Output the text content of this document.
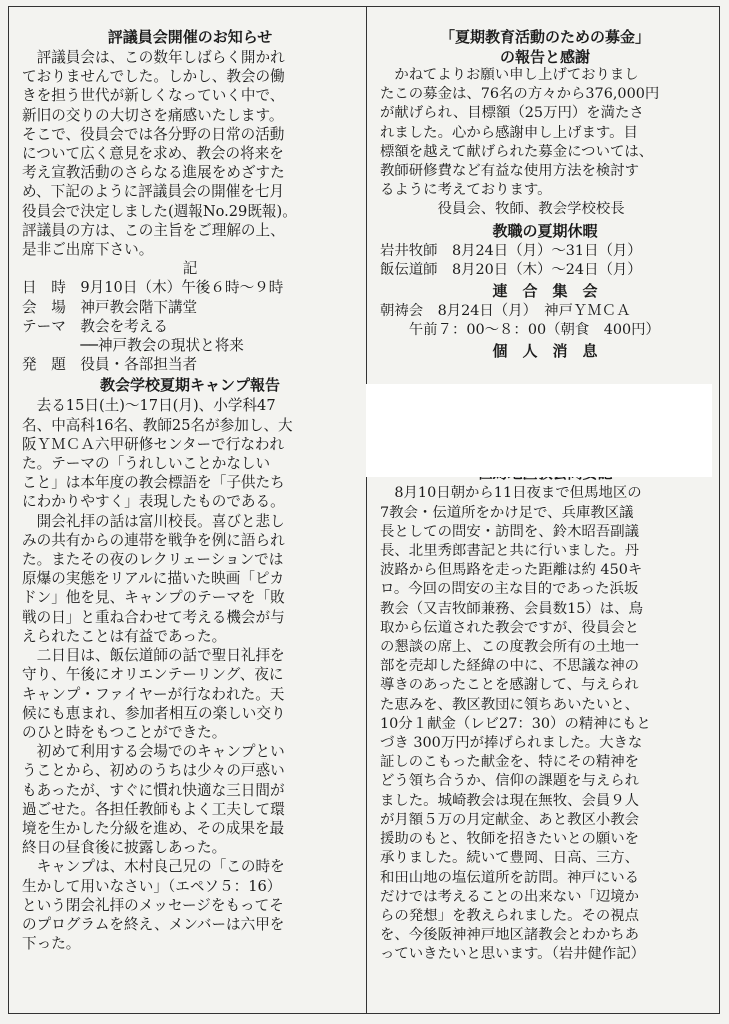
評議員会開催のお知らせ
　評議員会は、この数年しばらく開かれ
ておりませんでした。しかし、教会の働
きを担う世代が新しくなっていく中で、
新旧の交りの大切さを痛感いたします。
そこで、役員会では各分野の日常の活動
について広く意見を求め、教会の将来を
考え宣教活動のさらなる進展をめざすた
め、下記のように評議員会の開催を七月
役員会で決定しました(週報No.29既報)。
評議員の方は、この主旨をご理解の上、
是非ご出席下さい。
記
日　時　9月10日（木）午後６時〜９時
会　場　神戸教会階下講堂
テーマ　教会を考える
　　　　──神戸教会の現状と将来
発　題　役員・各部担当者
教会学校夏期キャンプ報告
　去る15日(土)〜17日(月)、小学科47
名、中高科16名、教師25名が参加し、大
阪ＹＭＣＡ六甲研修センターで行なわれ
た。テーマの「うれしいことかなしい
こと」は本年度の教会標語を「子供たち
にわかりやすく」表現したものである。
　開会礼拝の話は富川校長。喜びと悲し
みの共有からの連帯を戦争を例に語られ
た。またその夜のレクリェーションでは
原爆の実態をリアルに描いた映画「ピカ
ドン」他を見、キャンプのテーマを「敗
戦の日」と重ね合わせて考える機会が与
えられたことは有益であった。
　二日目は、飯伝道師の話で聖日礼拝を
守り、午後にオリエンテーリング、夜に
キャンプ・ファイヤーが行なわれた。天
候にも恵まれ、参加者相互の楽しい交り
のひと時をもつことができた。
　初めて利用する会場でのキャンプとい
うことから、初めのうちは少々の戸惑い
もあったが、すぐに慣れ快適な三日間が
過ごせた。各担任教師もよく工夫して環
境を生かした分級を進め、その成果を最
終日の昼食後に披露しあった。
　キャンプは、木村良己兄の「この時を
生かして用いなさい」（エペソ５：16）
という閉会礼拝のメッセージをもってそ
のプログラムを終え、メンバーは六甲を
下った。
「夏期教育活動のための募金」
の報告と感謝
　かねてよりお願い申し上げておりまし
たこの募金は、76名の方々から376,000円
が献げられ、目標額（25万円）を満たさ
れました。心から感謝申し上げます。目
標額を越えて献げられた募金については、
教師研修費など有益な使用方法を検討す
るように考えております。
　　　　役員会、牧師、教会学校校長
教職の夏期休暇
岩井牧師　8月24日（月）〜31日（月）
飯伝道師　8月20日（木）〜24日（月）
連　合　集　会
朝祷会　8月24日（月）　神戸ＹＭＣＡ
　　午前７：00〜８：00（朝食　400円）
個　人　消　息
　8月10日朝から11日夜まで但馬地区の
7教会・伝道所をかけ足で、兵庫教区議
長としての問安・訪問を、鈴木昭吾副議
長、北里秀郎書記と共に行いました。丹
波路から但馬路を走った距離は約 450キ
ロ。今回の問安の主な目的であった浜坂
教会（又吉牧師兼務、会員数15）は、鳥
取から伝道された教会ですが、役員会と
の懇談の席上、この度教会所有の土地一
部を売却した経緯の中に、不思議な神の
導きのあったことを感謝して、与えられ
た恵みを、教区教団に領ちあいたいと、
10分１献金（レビ27：30）の精神にもと
づき 300万円が捧げられました。大きな
証しのこもった献金を、特にその精神を
どう領ち合うか、信仰の課題を与えられ
ました。城崎教会は現在無牧、会員９人
が月額５万の月定献金、あと教区小教会
援助のもと、牧師を招きたいとの願いを
承りました。続いて豊岡、日高、三方、
和田山地の塩伝道所を訪問。神戸にいる
だけでは考えることの出来ない「辺境か
らの発想」を教えられました。その視点
を、今後阪神神戸地区諸教会とわかちあ
っていきたいと思います。（岩井健作記）
